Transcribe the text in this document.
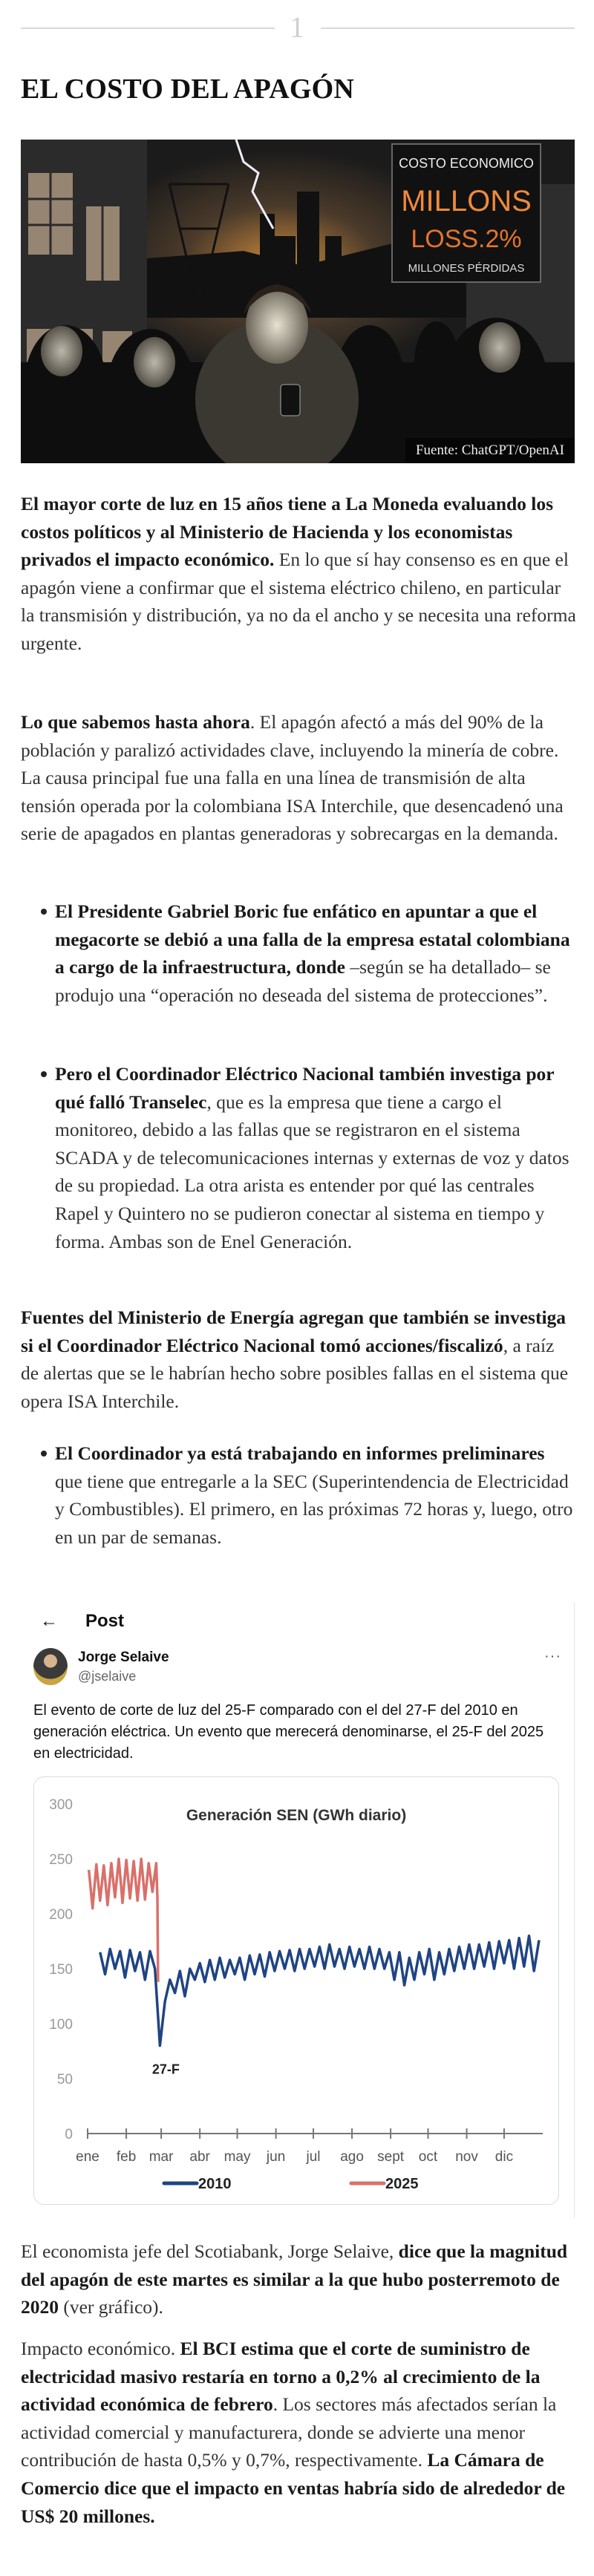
1
EL COSTO DEL APAGÓN
COSTO ECONOMICO
MILLONS
LOSS.2%
MILLONES PÉRDIDAS
Fuente: ChatGPT/OpenAI

El mayor corte de luz en 15 años tiene a La Moneda evaluando los costos políticos y al Ministerio de Hacienda y los economistas privados el impacto económico. En lo que sí hay consenso es en que el apagón viene a confirmar que el sistema eléctrico chileno, en particular la transmisión y distribución, ya no da el ancho y se necesita una reforma urgente.

Lo que sabemos hasta ahora. El apagón afectó a más del 90% de la población y paralizó actividades clave, incluyendo la minería de cobre. La causa principal fue una falla en una línea de transmisión de alta tensión operada por la colombiana ISA Interchile, que desencadenó una serie de apagados en plantas generadoras y sobrecargas en la demanda.

El Presidente Gabriel Boric fue enfático en apuntar a que el megacorte se debió a una falla de la empresa estatal colombiana a cargo de la infraestructura, donde –según se ha detallado– se produjo una “operación no deseada del sistema de protecciones”.

Pero el Coordinador Eléctrico Nacional también investiga por qué falló Transelec, que es la empresa que tiene a cargo el monitoreo, debido a las fallas que se registraron en el sistema SCADA y de telecomunicaciones internas y externas de voz y datos de su propiedad. La otra arista es entender por qué las centrales Rapel y Quintero no se pudieron conectar al sistema en tiempo y forma. Ambas son de Enel Generación.

Fuentes del Ministerio de Energía agregan que también se investiga si el Coordinador Eléctrico Nacional tomó acciones/fiscalizó, a raíz de alertas que se le habrían hecho sobre posibles fallas en el sistema que opera ISA Interchile.

El Coordinador ya está trabajando en informes preliminares que tiene que entregarle a la SEC (Superintendencia de Electricidad y Combustibles). El primero, en las próximas 72 horas y, luego, otro en un par de semanas.

← Post
Jorge Selaive
@jselaive
···
El evento de corte de luz del 25-F comparado con el del 27-F del 2010 en generación eléctrica. Un evento que merecerá denominarse, el 25-F del 2025 en electricidad.
Generación SEN (GWh diario)
0
50
100
150
200
250
300
ene feb mar abr may jun jul ago sept oct nov dic
27-F
2010	2025

El economista jefe del Scotiabank, Jorge Selaive, dice que la magnitud del apagón de este martes es similar a la que hubo posterremoto de 2020 (ver gráfico).

Impacto económico. El BCI estima que el corte de suministro de electricidad masivo restaría en torno a 0,2% al crecimiento de la actividad económica de febrero. Los sectores más afectados serían la actividad comercial y manufacturera, donde se advierte una menor contribución de hasta 0,5% y 0,7%, respectivamente. La Cámara de Comercio dice que el impacto en ventas habría sido de alrededor de US$ 20 millones.
